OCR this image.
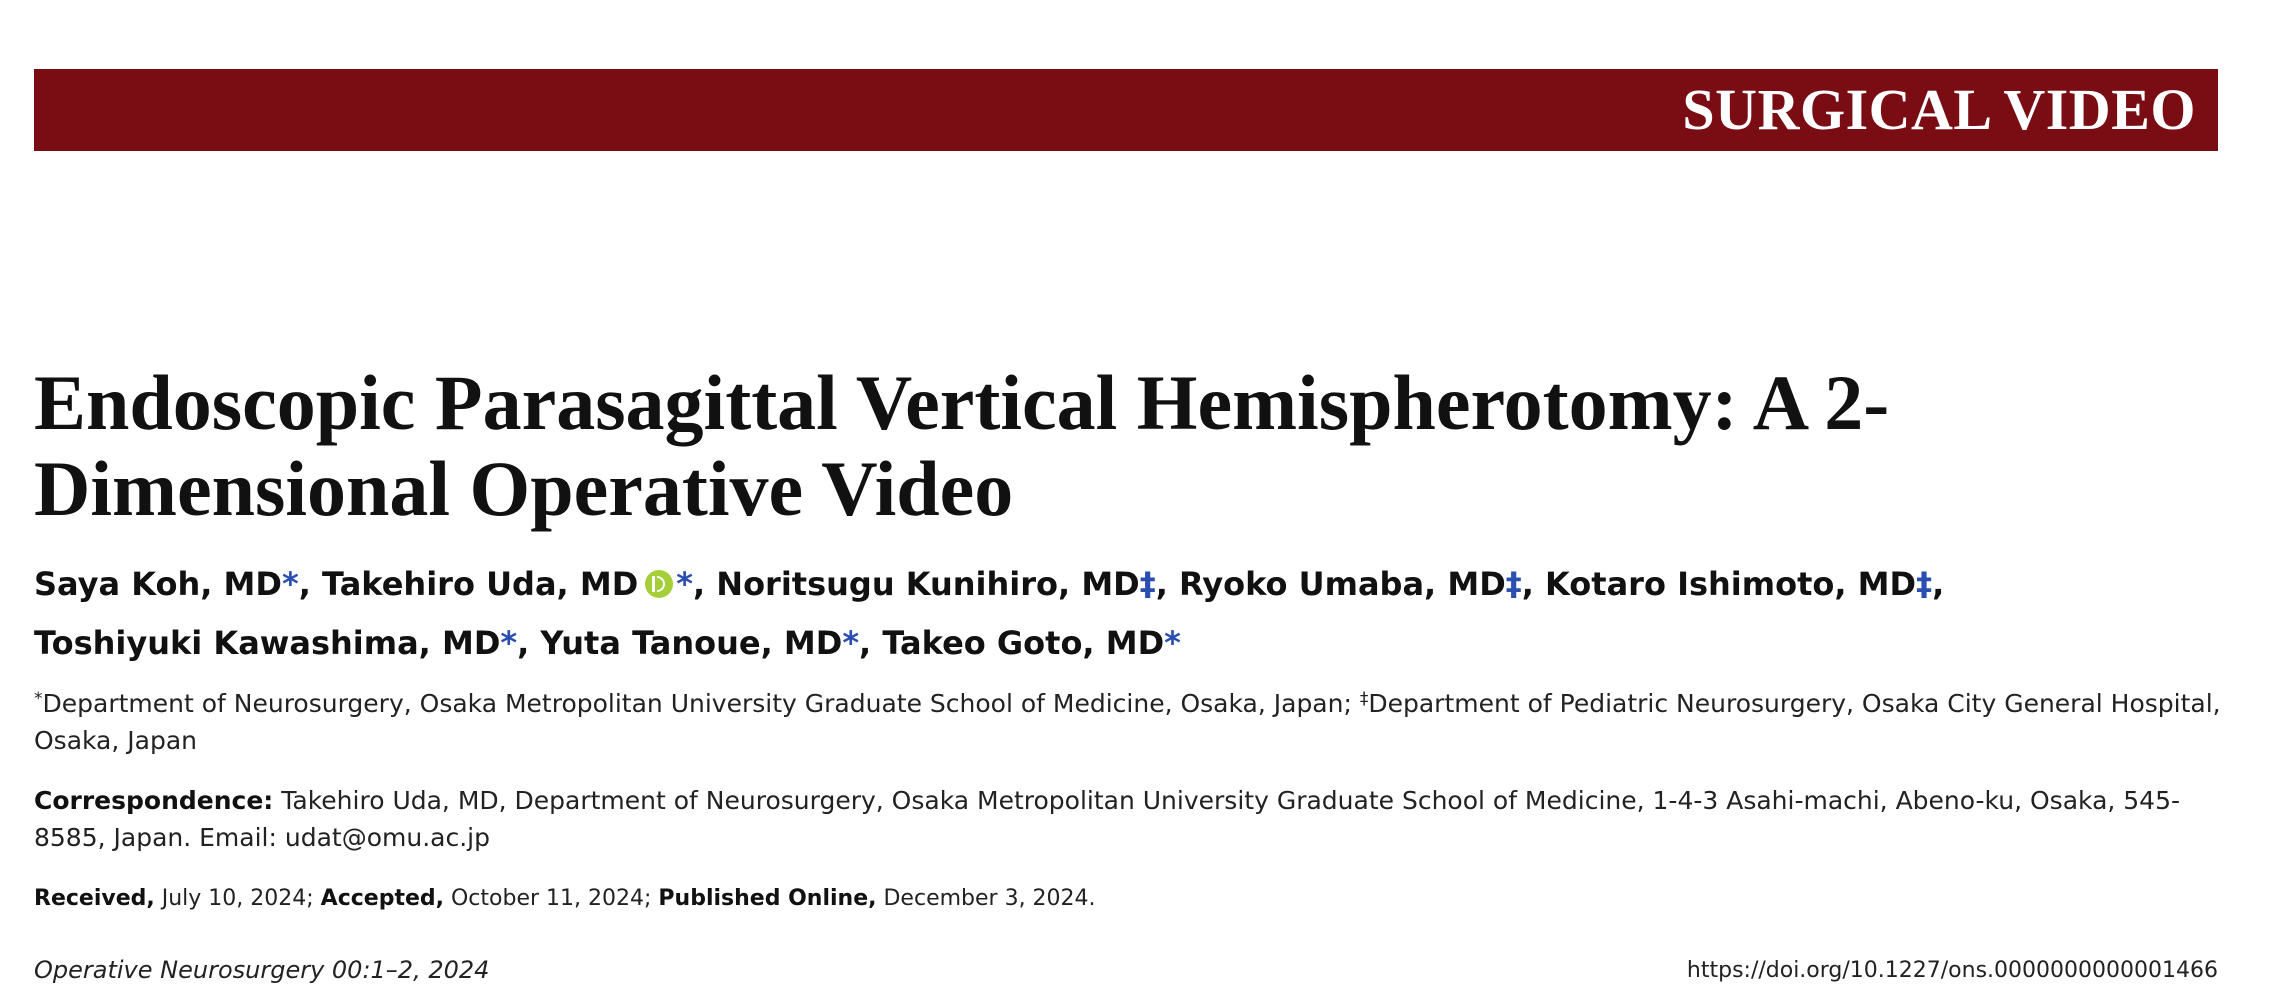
SURGICAL VIDEO
Endoscopic Parasagittal Vertical Hemispherotomy: A 2-Dimensional Operative Video
Saya Koh, MD*, Takehiro Uda, MD *, Noritsugu Kunihiro, MD‡, Ryoko Umaba, MD‡, Kotaro Ishimoto, MD‡,
Toshiyuki Kawashima, MD*, Yuta Tanoue, MD*, Takeo Goto, MD*
*Department of Neurosurgery, Osaka Metropolitan University Graduate School of Medicine, Osaka, Japan; ‡Department of Pediatric Neurosurgery, Osaka City General Hospital, Osaka, Japan
Correspondence: Takehiro Uda, MD, Department of Neurosurgery, Osaka Metropolitan University Graduate School of Medicine, 1-4-3 Asahi-machi, Abeno-ku, Osaka, 545-8585, Japan. Email: udat@omu.ac.jp
Received, July 10, 2024; Accepted, October 11, 2024; Published Online, December 3, 2024.
Operative Neurosurgery 00:1–2, 2024	https://doi.org/10.1227/ons.0000000000001466
